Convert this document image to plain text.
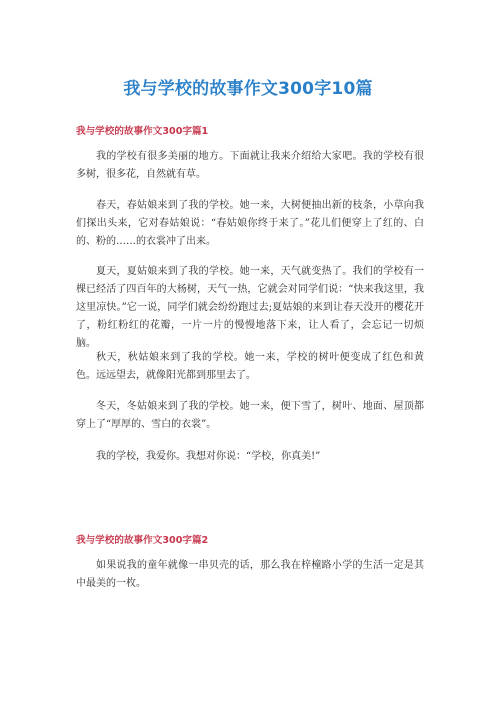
我与学校的故事作文300字10篇
我与学校的故事作文300字篇1

我的学校有很多美丽的地方。下面就让我来介绍给大家吧。我的学校有很多树，很多花，自然就有草。

春天，春姑娘来到了我的学校。她一来，大树便抽出新的枝条，小草向我们探出头来，它对春姑娘说：“春姑娘你终于来了。”花儿们便穿上了红的、白的、粉的……的衣裳冲了出来。

夏天，夏姑娘来到了我的学校。她一来，天气就变热了。我们的学校有一棵已经活了四百年的大杨树，天气一热，它就会对同学们说：“快来我这里，我这里凉快。”它一说，同学们就会纷纷跑过去;夏姑娘的来到让春天没开的樱花开了，粉红粉红的花瓣，一片一片的慢慢地落下来，让人看了，会忘记一切烦脑。

秋天，秋姑娘来到了我的学校。她一来，学校的树叶便变成了红色和黄色。远远望去，就像阳光都到那里去了。

冬天，冬姑娘来到了我的学校。她一来，便下雪了，树叶、地面、屋顶都穿上了“厚厚的、雪白的衣裳”。

我的学校，我爱你。我想对你说：“学校，你真美!”

我与学校的故事作文300字篇2

如果说我的童年就像一串贝壳的话，那么我在梓橦路小学的生活一定是其中最美的一枚。
